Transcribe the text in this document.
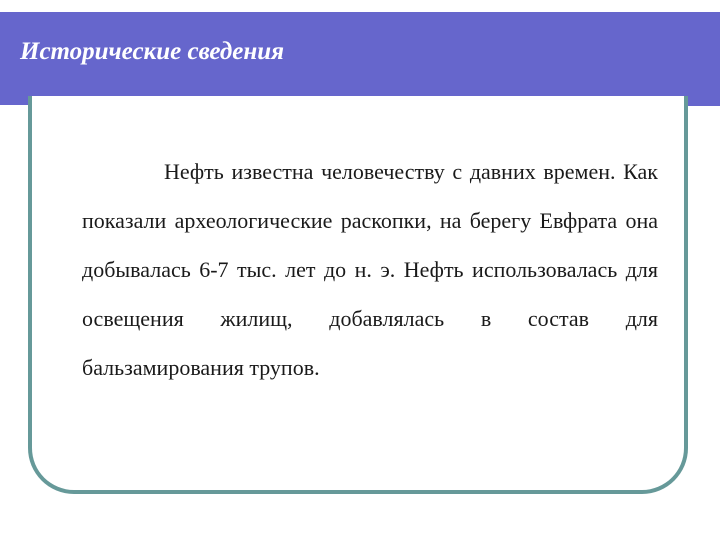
Исторические сведения

Нефть известна человечеству с давних времен. Как показали археологические раскопки, на берегу Евфрата она добывалась 6-7 тыс. лет до н. э. Нефть использовалась для освещения жилищ, добавлялась в состав для бальзамирования трупов.
